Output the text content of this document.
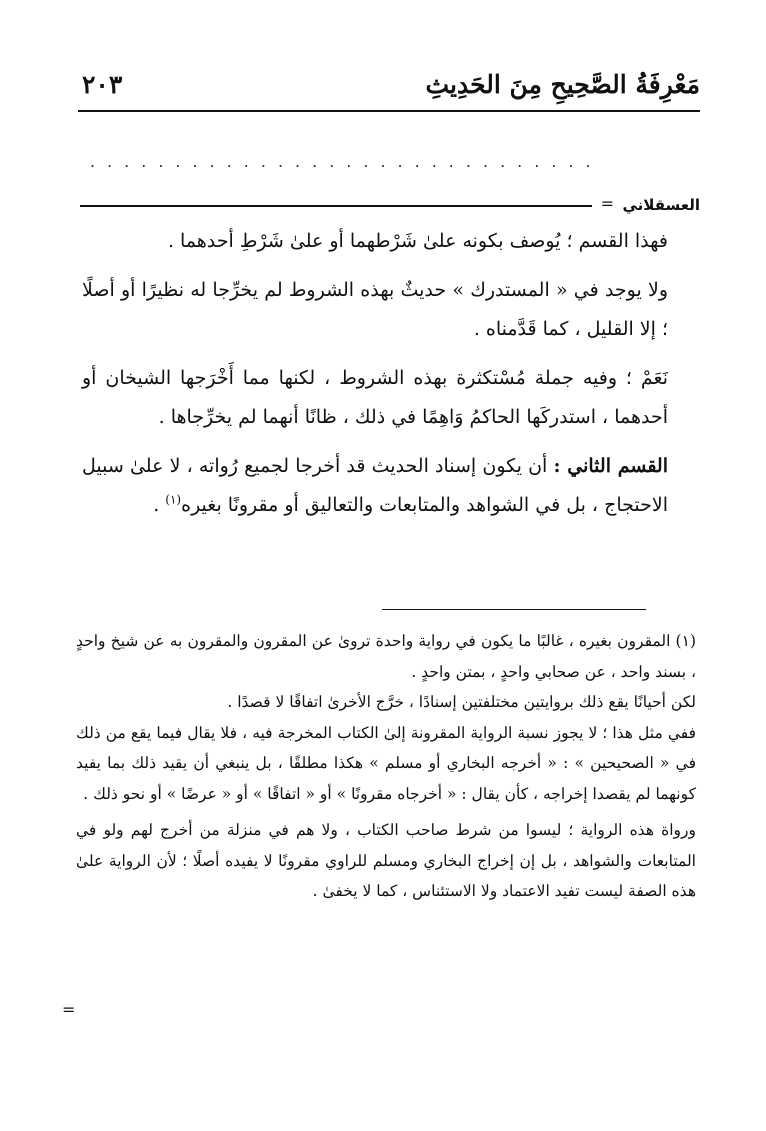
مَعْرِفَةُ الصَّحِيحِ مِنَ الحَدِيثِ
٢٠٣
..............................
العسقلاني
=

فهذا القسم ؛ يُوصف بكونه علىٰ شَرْطهما أو علىٰ شَرْطِ أحدهما .

ولا يوجد في « المستدرك » حديثٌ بهذه الشروط لم يخرِّجا له نظيرًا أو أصلًا ؛ إلا القليل ، كما قَدَّمناه .

نَعَمْ ؛ وفيه جملة مُسْتكثرة بهذه الشروط ، لكنها مما أَخْرَجها الشيخان أو أحدهما ، استدركَها الحاكمُ وَاهِمًا في ذلك ، ظانًا أنهما لم يخرِّجاها .

القسم الثاني : أن يكون إسناد الحديث قد أخرجا لجميع رُواته ، لا علىٰ سبيل الاحتجاج ، بل في الشواهد والمتابعات والتعاليق أو مقرونًا بغيره$^{(١)}$ .

(١) المقرون بغيره ، غالبًا ما يكون في رواية واحدة تروىٰ عن المقرون والمقرون به عن شيخ واحدٍ ، بسند واحد ، عن صحابي واحدٍ ، بمتن واحدٍ .

لكن أحيانًا يقع ذلك بروايتين مختلفتين إسنادًا ، خرَّج الأخرىٰ اتفاقًا لا قصدًا .

ففي مثل هذا ؛ لا يجوز نسبة الرواية المقرونة إلىٰ الكتاب المخرجة فيه ، فلا يقال فيما يقع من ذلك في « الصحيحين » : « أخرجه البخاري أو مسلم » هكذا مطلقًا ، بل ينبغي أن يقيد ذلك بما يفيد كونهما لم يقصدا إخراجه ، كأن يقال : « أخرجاه مقرونًا » أو « اتفاقًا » أو « عرضًا » أو نحو ذلك .

ورواة هذه الرواية ؛ ليسوا من شرط صاحب الكتاب ، ولا هم في منزلة من أخرج لهم ولو في المتابعات والشواهد ، بل إن إخراج البخاري ومسلم للراوي مقرونًا لا يفيده أصلًا ؛ لأن الرواية علىٰ هذه الصفة ليست تفيد الاعتماد ولا الاستئناس ، كما لا يخفىٰ .

=
